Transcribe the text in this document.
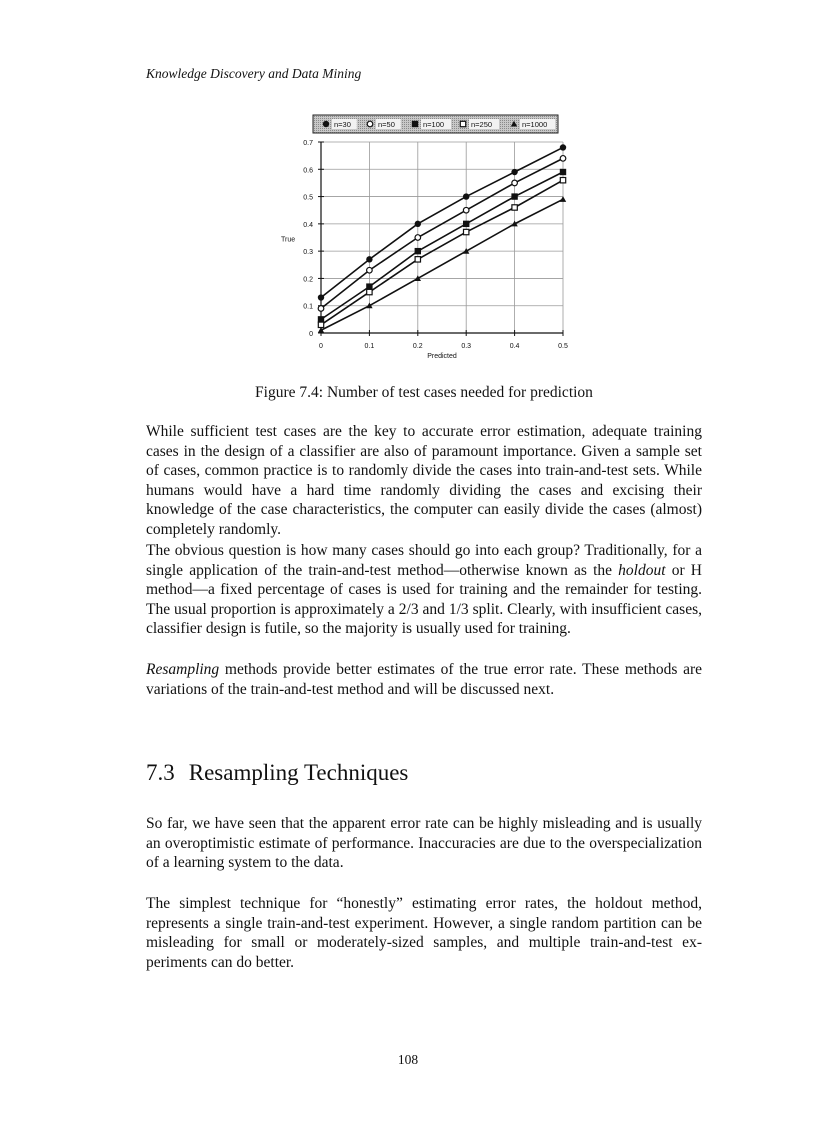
Knowledge Discovery and Data Mining
n=30	n=50	n=100	n=250	n=1000
0
0.1
0.2
0.3
0.4
0.5
0.6
0.7
0	0.1	0.2	0.3	0.4	0.5
Predicted
True
Figure 7.4: Number of test cases needed for prediction

While sufficient test cases are the key to accurate error estimation, adequate training cases in the design of a classifier are also of paramount importance. Given a sample set of cases, common practice is to randomly divide the cases into train-and-test sets. While humans would have a hard time randomly dividing the cases and excising their knowledge of the case characteristics, the computer can easily divide the cases (almost) completely randomly.

The obvious question is how many cases should go into each group? Traditionally, for a single application of the train-and-test method—otherwise known as the holdout or H method—a fixed percentage of cases is used for training and the remainder for testing. The usual proportion is approximately a 2/3 and 1/3 split. Clearly, with insufficient cases, classifier design is futile, so the majority is usually used for training.

Resampling methods provide better estimates of the true error rate. These methods are variations of the train-and-test method and will be discussed next.

7.3 Resampling Techniques

So far, we have seen that the apparent error rate can be highly misleading and is usually an overoptimistic estimate of performance. Inaccuracies are due to the overspecialization of a learning system to the data.

The simplest technique for “honestly” estimating error rates, the holdout method, represents a single train-and-test experiment. However, a single random partition can be misleading for small or moderately-sized samples, and multiple train-and-test experiments can do better.

108
